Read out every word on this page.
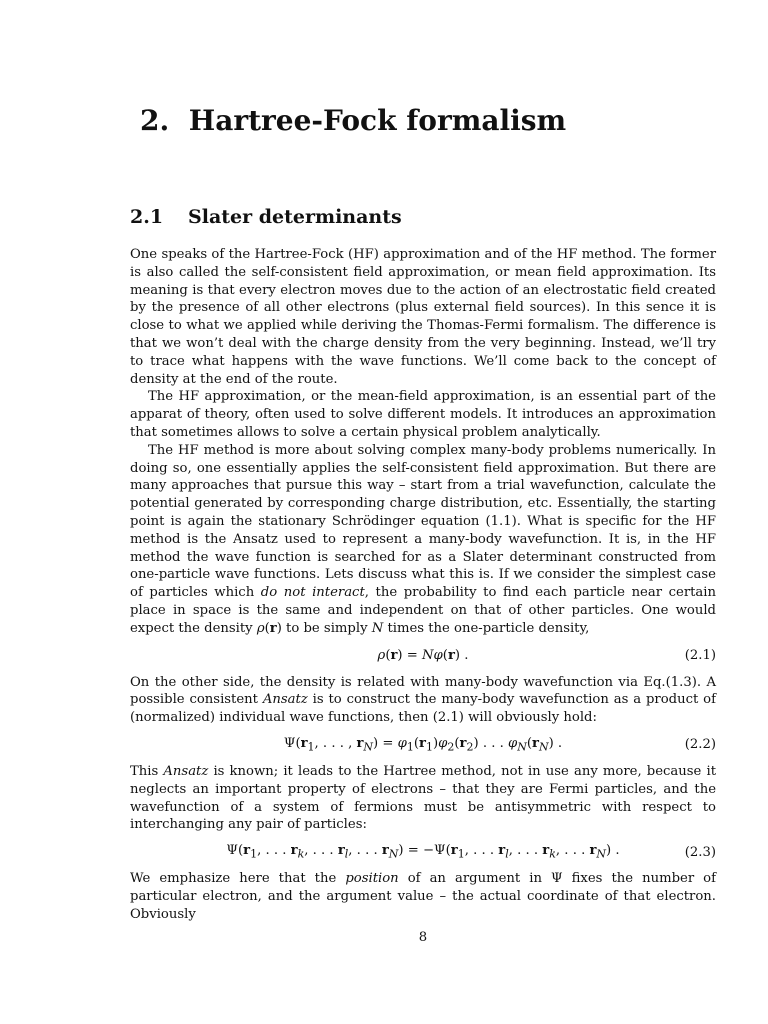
2. Hartree-Fock formalism
2.1 Slater determinants

One speaks of the Hartree-Fock (HF) approximation and of the HF method. The former is also called the self-consistent field approximation, or mean field approximation. Its meaning is that every electron moves due to the action of an electrostatic field created by the presence of all other electrons (plus external field sources). In this sence it is close to what we applied while deriving the Thomas-Fermi formalism. The difference is that we won’t deal with the charge density from the very beginning. Instead, we’ll try to trace what happens with the wave functions. We’ll come back to the concept of density at the end of the route.

The HF approximation, or the mean-field approximation, is an essential part of the apparat of theory, often used to solve different models. It introduces an approximation that sometimes allows to solve a certain physical problem analytically.

The HF method is more about solving complex many-body problems numerically. In doing so, one essentially applies the self-consistent field approximation. But there are many approaches that pursue this way – start from a trial wavefunction, calculate the potential generated by corresponding charge distribution, etc. Essentially, the starting point is again the stationary Schrödinger equation (1.1). What is specific for the HF method is the Ansatz used to represent a many-body wavefunction. It is, in the HF method the wave function is searched for as a Slater determinant constructed from one-particle wave functions. Lets discuss what this is. If we consider the simplest case of particles which do not interact, the probability to find each particle near certain place in space is the same and independent on that of other particles. One would expect the density ρ(r) to be simply N times the one-particle density,

ρ(r) = Nφ(r) .	(2.1)

On the other side, the density is related with many-body wavefunction via Eq.(1.3). A possible consistent Ansatz is to construct the many-body wavefunction as a product of (normalized) individual wave functions, then (2.1) will obviously hold:

$\Psi(r_1$, . . . , $r_N) = \varphi_1(r_1)\varphi_2(r_2)$ . . . $\varphi_N(r_N)$ .	(2.2)

This Ansatz is known; it leads to the Hartree method, not in use any more, because it neglects an important property of electrons – that they are Fermi particles, and the wavefunction of a system of fermions must be antisymmetric with respect to interchanging any pair of particles:

$\Psi(r_1$, . . . $r_k$, . . . $r_l$, . . . $r_N) = -\Psi(r_1$, . . . $r_l$, . . . $r_k$, . . . $r_N$) .	(2.3)

We emphasize here that the position of an argument in Ψ fixes the number of particular electron, and the argument value – the actual coordinate of that electron. Obviously

8
